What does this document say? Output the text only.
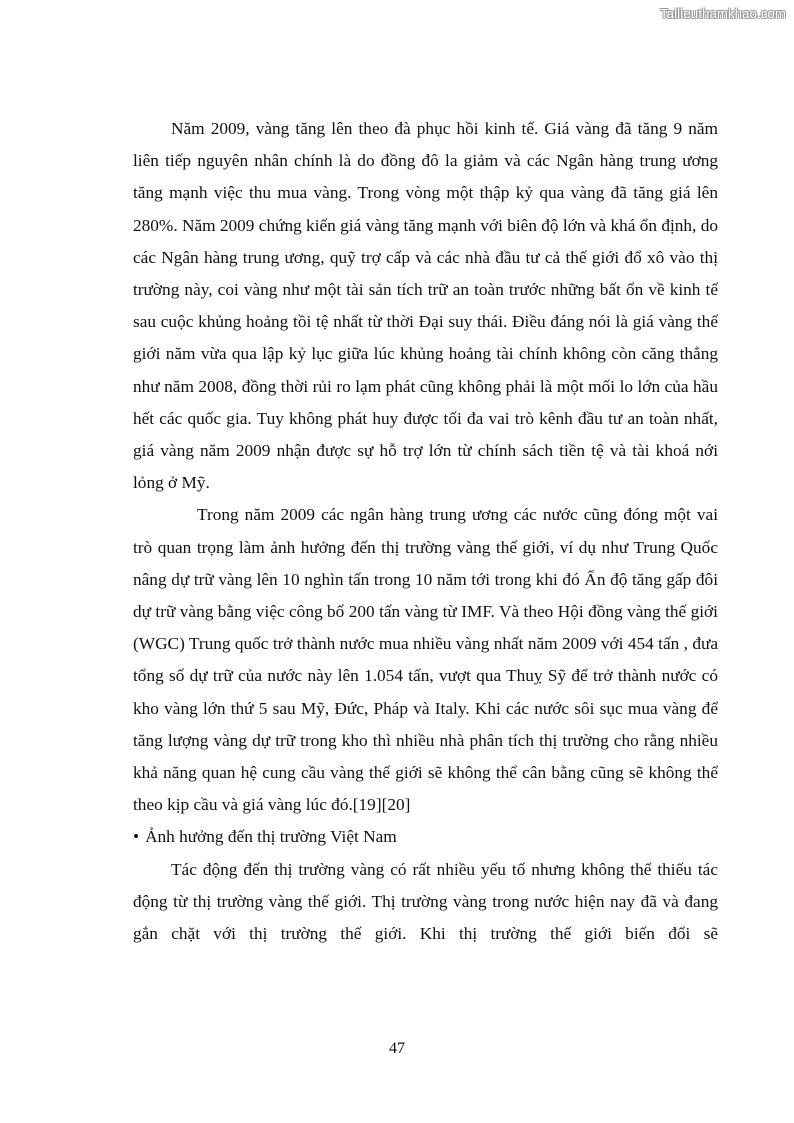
Tailieuthamkhao.com

Năm 2009, vàng tăng lên theo đà phục hồi kinh tế. Giá vàng đã tăng 9 năm liên tiếp nguyên nhân chính là do đồng đô la giảm và các Ngân hàng trung ương tăng mạnh việc thu mua vàng. Trong vòng một thập kỷ qua vàng đã tăng giá lên 280%. Năm 2009 chứng kiến giá vàng tăng mạnh với biên độ lớn và khá ổn định, do các Ngân hàng trung ương, quỹ trợ cấp và các nhà đầu tư cả thế giới đổ xô vào thị trường này, coi vàng như một tài sản tích trữ an toàn trước những bất ổn về kinh tế sau cuộc khủng hoảng tồi tệ nhất từ thời Đại suy thái. Điều đáng nói là giá vàng thế giới năm vừa qua lập kỷ lục giữa lúc khủng hoảng tài chính không còn căng thẳng như năm 2008, đồng thời rủi ro lạm phát cũng không phải là một mối lo lớn của hầu hết các quốc gia. Tuy không phát huy được tối đa vai trò kênh đầu tư an toàn nhất, giá vàng năm 2009 nhận được sự hỗ trợ lớn từ chính sách tiền tệ và tài khoá nới lỏng ở Mỹ.

Trong năm 2009 các ngân hàng trung ương các nước cũng đóng một vai trò quan trọng làm ảnh hưởng đến thị trường vàng thế giới, ví dụ như Trung Quốc nâng dự trữ vàng lên 10 nghìn tấn trong 10 năm tới trong khi đó Ấn độ tăng gấp đôi dự trữ vàng bằng việc công bố 200 tấn vàng từ IMF. Và theo Hội đồng vàng thế giới (WGC) Trung quốc trở thành nước mua nhiều vàng nhất năm 2009 với 454 tấn , đưa tổng số dự trữ của nước này lên 1.054 tấn, vượt qua Thuỵ Sỹ để trở thành nước có kho vàng lớn thứ 5 sau Mỹ, Đức, Pháp và Italy. Khi các nước sôi sục mua vàng để tăng lượng vàng dự trữ trong kho thì nhiều nhà phân tích thị trường cho rằng nhiều khả năng quan hệ cung cầu vàng thế giới sẽ không thể cân bằng cũng sẽ không thể theo kịp cầu và giá vàng lúc đó.[19][20]

• Ảnh hưởng đến thị trường Việt Nam

Tác động đến thị trường vàng có rất nhiều yếu tố nhưng không thể thiếu tác động từ thị trường vàng thế giới. Thị trường vàng trong nước hiện nay đã và đang gắn chặt với thị trường thế giới. Khi thị trường thế giới biến đổi sẽ

47
